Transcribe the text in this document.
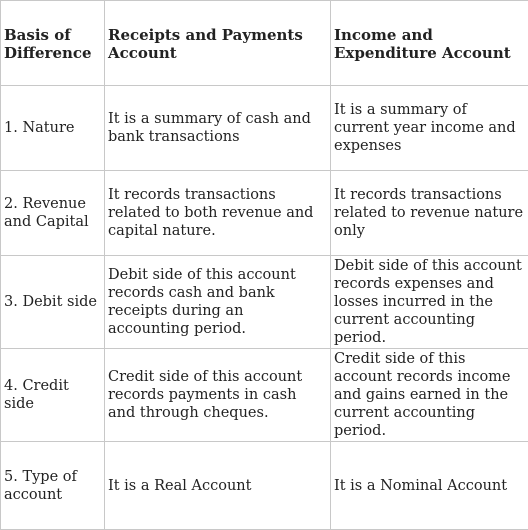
Basis of Difference	Receipts and Payments Account	Income and Expenditure Account
1. Nature	It is a summary of cash and bank transactions	It is a summary of current year income and expenses
2. Revenue and Capital	It records transactions related to both revenue and capital nature.	It records transactions related to revenue nature only
3. Debit side	Debit side of this account records cash and bank receipts during an accounting period.	Debit side of this account records expenses and losses incurred in the current accounting period.
4. Credit side	Credit side of this account records payments in cash and through cheques.	Credit side of this account records income and gains earned in the current accounting period.
5. Type of account	It is a Real Account	It is a Nominal Account
